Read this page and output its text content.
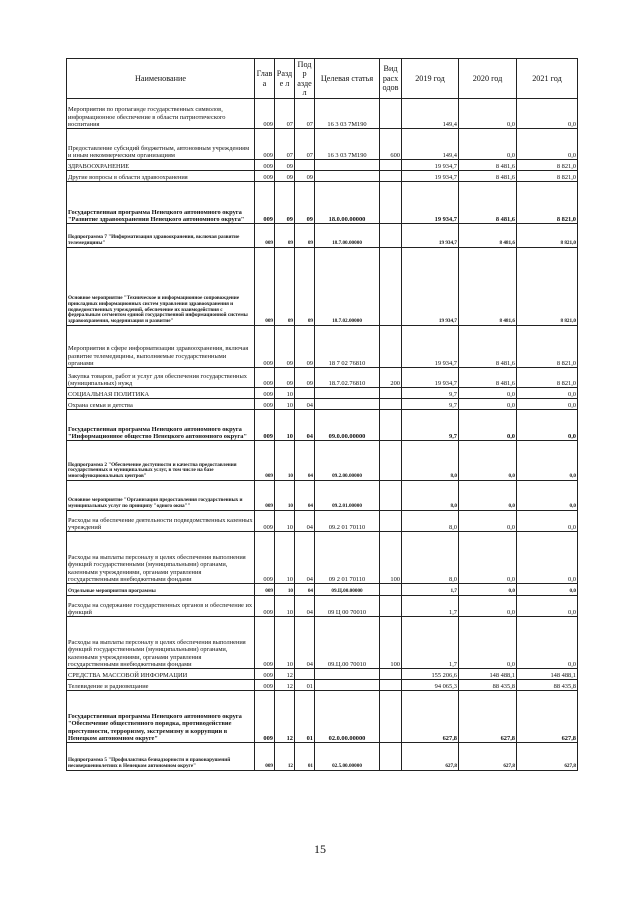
Наименование	Глав а	Разде л	Подр аздел	Целевая статья	Вид расх одов	2019 год	2020 год	2021 год
Мероприятия по пропаганде государственных символов, информационное обеспечение в области патриотического воспитания	009	07	07	16 3 03 7М190		149,4	0,0	0,0
Предоставление субсидий бюджетным, автономным учреждениям и иным некоммерческим организациям	009	07	07	16 3 03 7М190	600	149,4	0,0	0,0
ЗДРАВООХРАНЕНИЕ	009	09				19 934,7	8 481,6	8 821,0
Другие вопросы в области здравоохранения	009	09	09			19 934,7	8 481,6	8 821,0
Государственная программа Ненецкого автономного округа "Развитие здравоохранения Ненецкого автономного округа"	009	09	09	18.0.00.00000		19 934,7	8 481,6	8 821,0
Подпрограмма 7 "Информатизация здравоохранения, включая развитие телемедицины"	009	09	09	18.7.00.00000		19 934,7	8 481,6	8 821,0
Основное мероприятие "Техническое и информационное сопровождение прикладных информационных систем управления здравоохранения и подведомственных учреждений, обеспечение их взаимодействия с федеральным сегментом единой государственной информационной системы здравоохранения, модернизация и развитие"	009	09	09	18.7.02.00000		19 934,7	8 481,6	8 821,0
Мероприятия в сфере информатизации здравоохранения, включая развитие телемедицины, выполняемые государственными органами	009	09	09	18 7 02 76810		19 934,7	8 481,6	8 821,0
Закупка товаров, работ и услуг для обеспечения государственных (муниципальных) нужд	009	09	09	18.7.02.76810	200	19 934,7	8 481,6	8 821,0
СОЦИАЛЬНАЯ ПОЛИТИКА	009	10				9,7	0,0	0,0
Охрана семьи и детства	009	10	04			9,7	0,0	0,0
Государственная программа Ненецкого автономного округа "Информационное общество Ненецкого автономного округа"	009	10	04	09.0.00.00000		9,7	0,0	0,0
Подпрограмма 2 "Обеспечение доступности и качества предоставления государственных и муниципальных услуг, в том числе на базе многофункциональных центров"	009	10	04	09.2.00.00000		8,0	0,0	0,0
Основное мероприятие "Организация предоставления государственных и муниципальных услуг по принципу "одного окна""	009	10	04	09.2.01.00000		8,0	0,0	0,0
Расходы на обеспечение деятельности подведомственных казенных учреждений	009	10	04	09.2 01 70110		8,0	0,0	0,0
Расходы на выплаты персоналу в целях обеспечения выполнения функций государственными (муниципальными) органами, казенными учреждениями, органами управления государственными внебюджетными фондами	009	10	04	09 2 01 70110	100	8,0	0,0	0,0
Отдельные мероприятия программы	009	10	04	09.Ц.00.00000		1,7	0,0	0,0
Расходы на содержание государственных органов и обеспечение их функций	009	10	04	09 Ц 00 70010		1,7	0,0	0,0
Расходы на выплаты персоналу в целях обеспечения выполнения функций государственными (муниципальными) органами, казенными учреждениями, органами управления государственными внебюджетными фондами	009	10	04	09.Ц.00 70010	100	1,7	0,0	0,0
СРЕДСТВА МАССОВОЙ ИНФОРМАЦИИ	009	12				155 206,6	148 488,1	148 488,1
Телевидение и радиовещание	009	12	01			94 065,3	88 435,8	88 435,8
Государственная программа Ненецкого автономного округа "Обеспечение общественного порядка, противодействие преступности, терроризму, экстремизму и коррупции в Ненецком автономном округе"	009	12	01	02.0.00.00000		627,8	627,8	627,8
Подпрограмма 5 "Профилактика безнадзорности и правонарушений несовершеннолетних в Ненецком автономном округе"	009	12	01	02.5.00.00000		627,8	627,8	627,8
15
